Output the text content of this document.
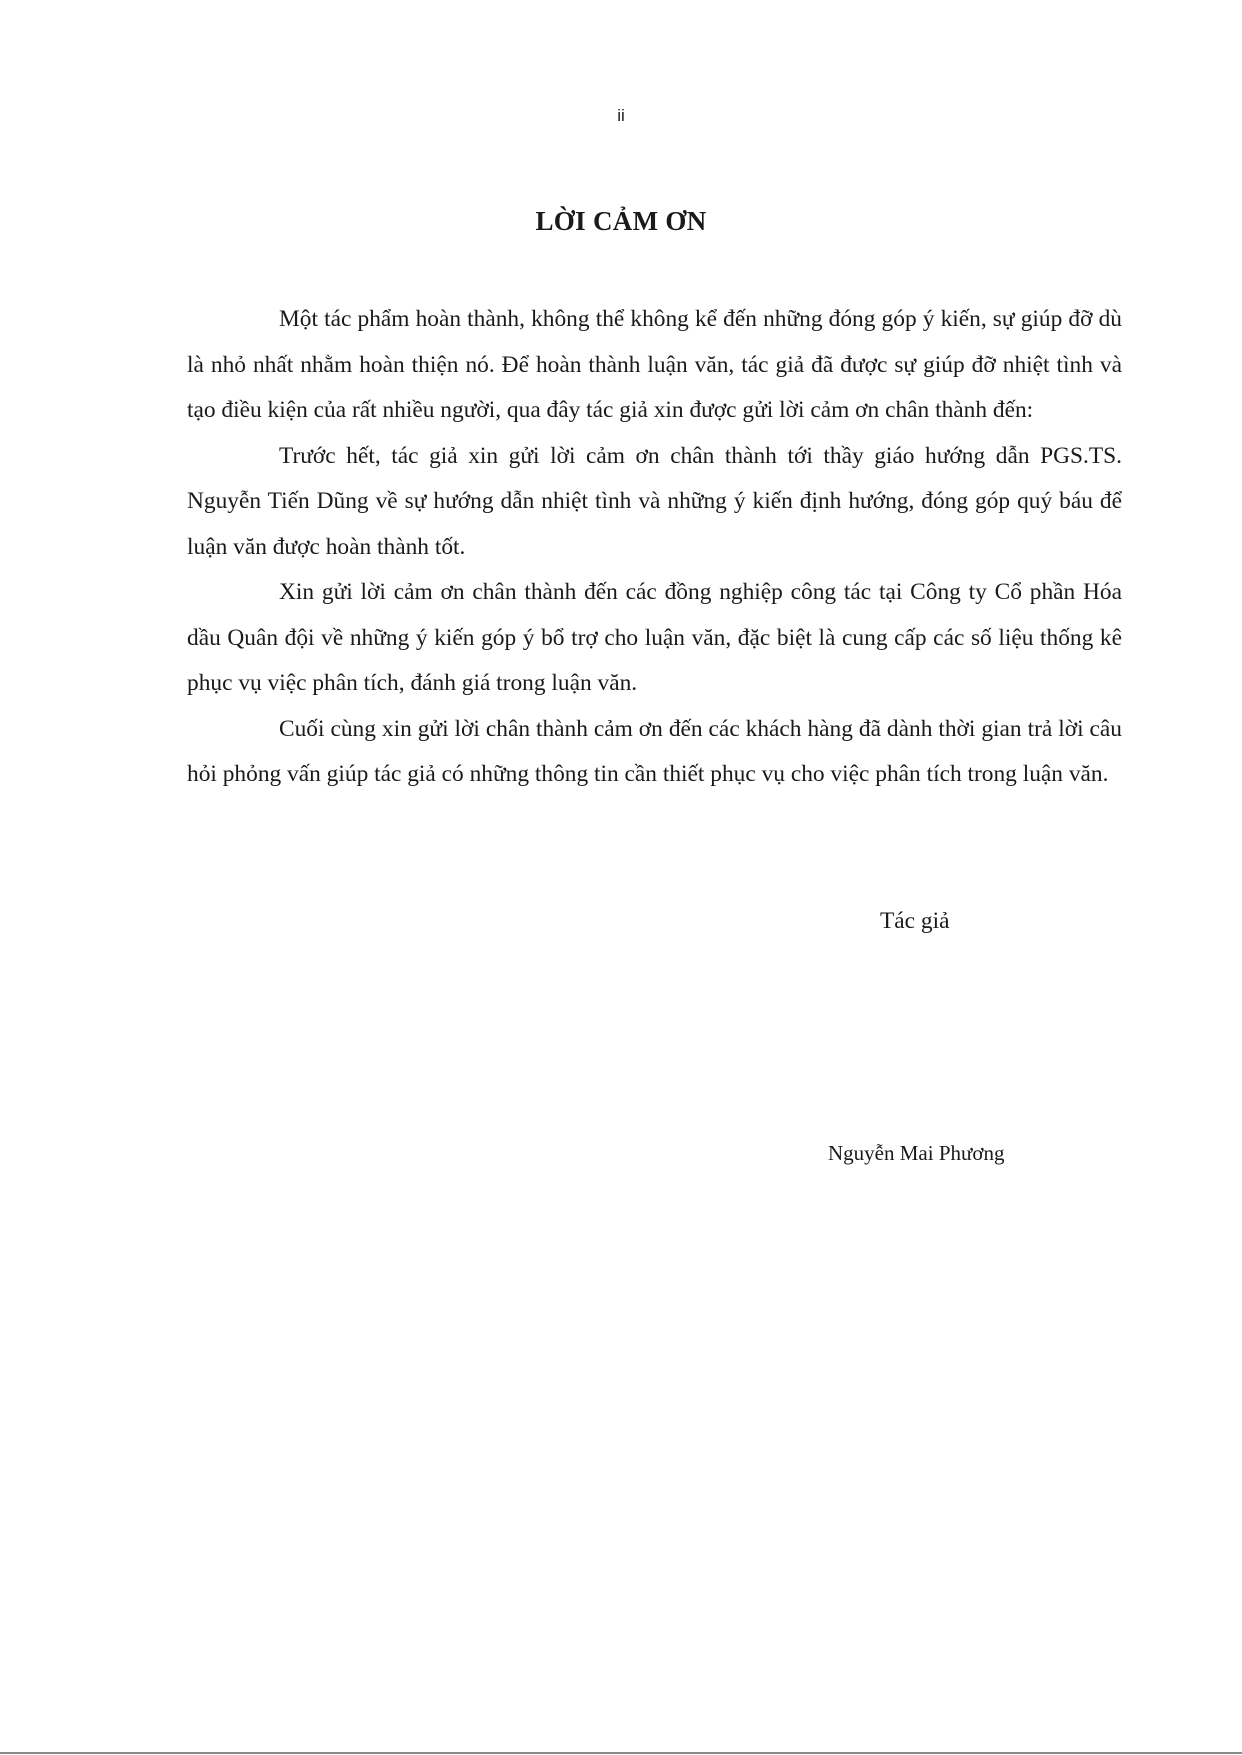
ii
LỜI CẢM ƠN

Một tác phẩm hoàn thành, không thể không kể đến những đóng góp ý kiến, sự giúp đỡ dù là nhỏ nhất nhằm hoàn thiện nó. Để hoàn thành luận văn, tác giả đã được sự giúp đỡ nhiệt tình và tạo điều kiện của rất nhiều người, qua đây tác giả xin được gửi lời cảm ơn chân thành đến:

Trước hết, tác giả xin gửi lời cảm ơn chân thành tới thầy giáo hướng dẫn PGS.TS. Nguyễn Tiến Dũng về sự hướng dẫn nhiệt tình và những ý kiến định hướng, đóng góp quý báu để luận văn được hoàn thành tốt.

Xin gửi lời cảm ơn chân thành đến các đồng nghiệp công tác tại Công ty Cổ phần Hóa dầu Quân đội về những ý kiến góp ý bổ trợ cho luận văn, đặc biệt là cung cấp các số liệu thống kê phục vụ việc phân tích, đánh giá trong luận văn.

Cuối cùng xin gửi lời chân thành cảm ơn đến các khách hàng đã dành thời gian trả lời câu hỏi phỏng vấn giúp tác giả có những thông tin cần thiết phục vụ cho việc phân tích trong luận văn.

Tác giả
Nguyễn Mai Phương
